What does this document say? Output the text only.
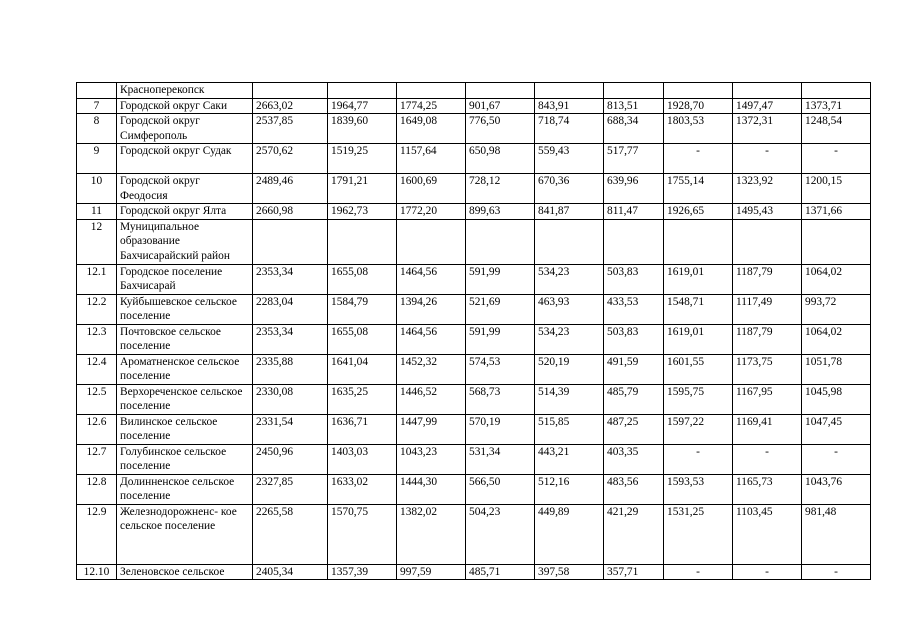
	Красноперекопск									
7	Городской округ Саки	2663,02	1964,77	1774,25	901,67	843,91	813,51	1928,70	1497,47	1373,71
8	Городской округ Симферополь	2537,85	1839,60	1649,08	776,50	718,74	688,34	1803,53	1372,31	1248,54
9	Городской округ Судак	2570,62	1519,25	1157,64	650,98	559,43	517,77	-	-	-
10	Городской округ Феодосия	2489,46	1791,21	1600,69	728,12	670,36	639,96	1755,14	1323,92	1200,15
11	Городской округ Ялта	2660,98	1962,73	1772,20	899,63	841,87	811,47	1926,65	1495,43	1371,66
12	Муниципальное образование Бахчисарайский район									
12.1	Городское поселение Бахчисарай	2353,34	1655,08	1464,56	591,99	534,23	503,83	1619,01	1187,79	1064,02
12.2	Куйбышевское сельское поселение	2283,04	1584,79	1394,26	521,69	463,93	433,53	1548,71	1117,49	993,72
12.3	Почтовское сельское поселение	2353,34	1655,08	1464,56	591,99	534,23	503,83	1619,01	1187,79	1064,02
12.4	Ароматненское сельское поселение	2335,88	1641,04	1452,32	574,53	520,19	491,59	1601,55	1173,75	1051,78
12.5	Верхореченское сельское поселение	2330,08	1635,25	1446,52	568,73	514,39	485,79	1595,75	1167,95	1045,98
12.6	Вилинское сельское поселение	2331,54	1636,71	1447,99	570,19	515,85	487,25	1597,22	1169,41	1047,45
12.7	Голубинское сельское поселение	2450,96	1403,03	1043,23	531,34	443,21	403,35	-	-	-
12.8	Долинненское сельское поселение	2327,85	1633,02	1444,30	566,50	512,16	483,56	1593,53	1165,73	1043,76
12.9	Железнодорожненс- кое сельское поселение	2265,58	1570,75	1382,02	504,23	449,89	421,29	1531,25	1103,45	981,48
12.10	Зеленовское сельское	2405,34	1357,39	997,59	485,71	397,58	357,71	-	-	-
